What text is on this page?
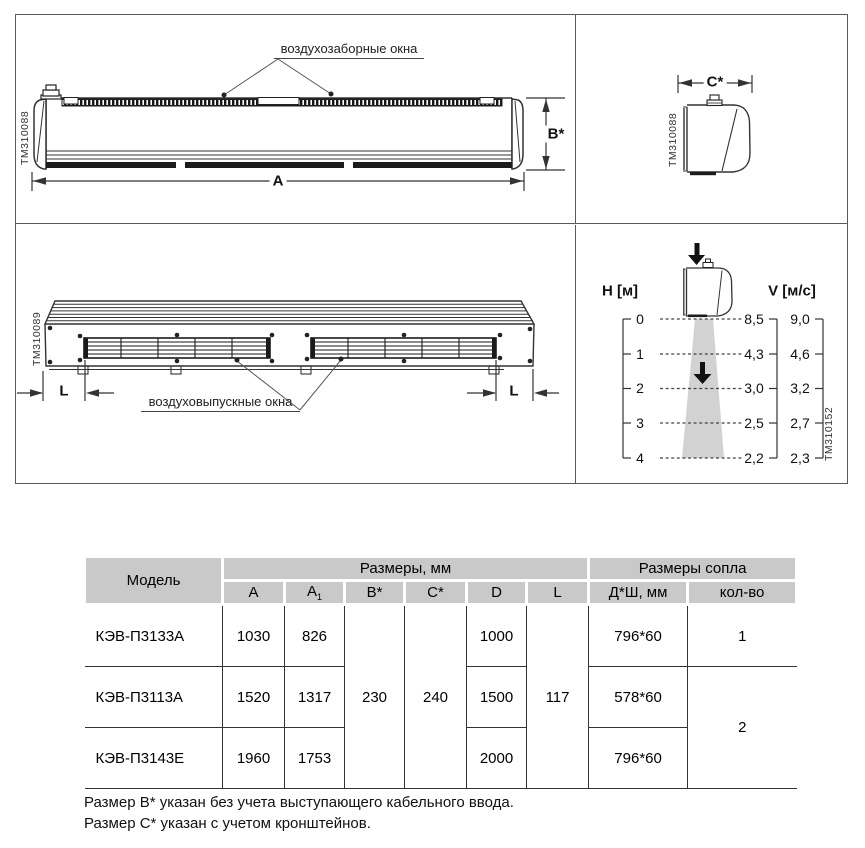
воздухозаборные окна
A
B*
TM310088
C*
TM310088
воздуховыпускные окна
L	L
TM310089
H [м]	V [м/с]
0
1
2
3
4
8,5
4,3
3,0
2,5
2,2
9,0
4,6
3,2
2,7
2,3 TM310152
Модель	Размеры, мм						Размеры сопла	
	A	$A_1$	B*	C*	D	L	Д*Ш, мм	кол-во
КЭВ-П3133А	1030	826	230	240	1000	117	796*60	1
КЭВ-П3113А	1520	1317			1500		578*60	2
КЭВ-П3143Е	1960	1753			2000		796*60	
Размер B* указан без учета выступающего кабельного ввода.
Размер C* указан с учетом кронштейнов.
